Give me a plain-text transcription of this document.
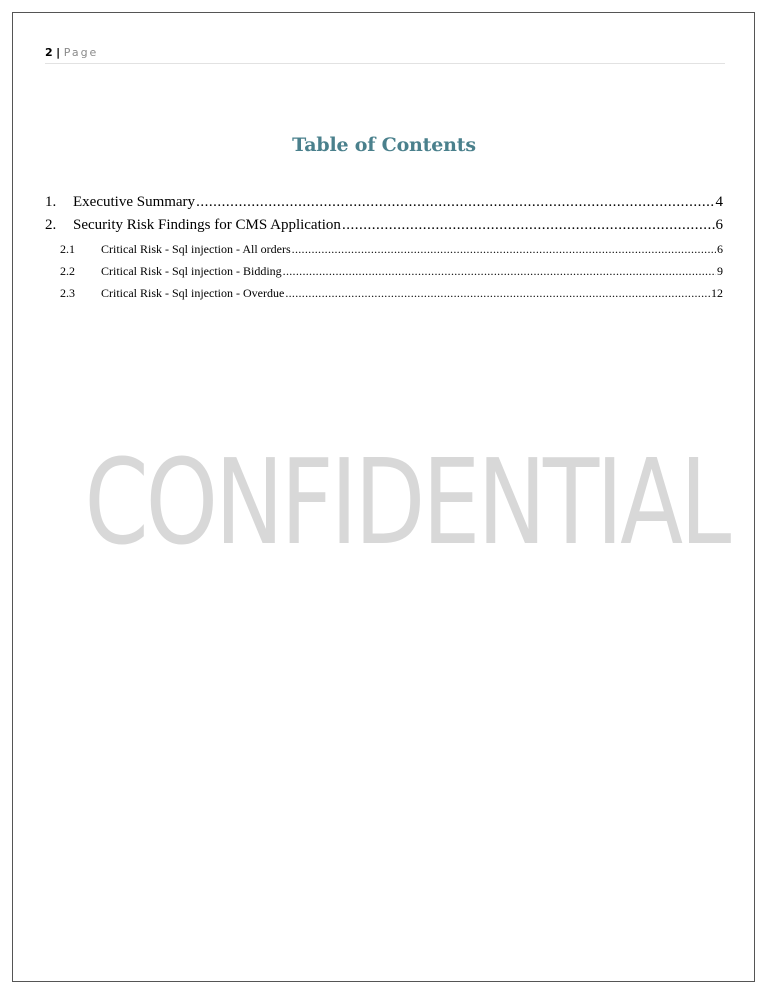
2 | Page
CONFIDENTIAL
Table of Contents
1.	Executive Summary .....	4
2.	Security Risk Findings for CMS Application .....	6
2.1	Critical Risk - Sql injection - All orders .....	6
2.2	Critical Risk - Sql injection - Bidding .....	9
2.3	Critical Risk - Sql injection - Overdue .....	12
